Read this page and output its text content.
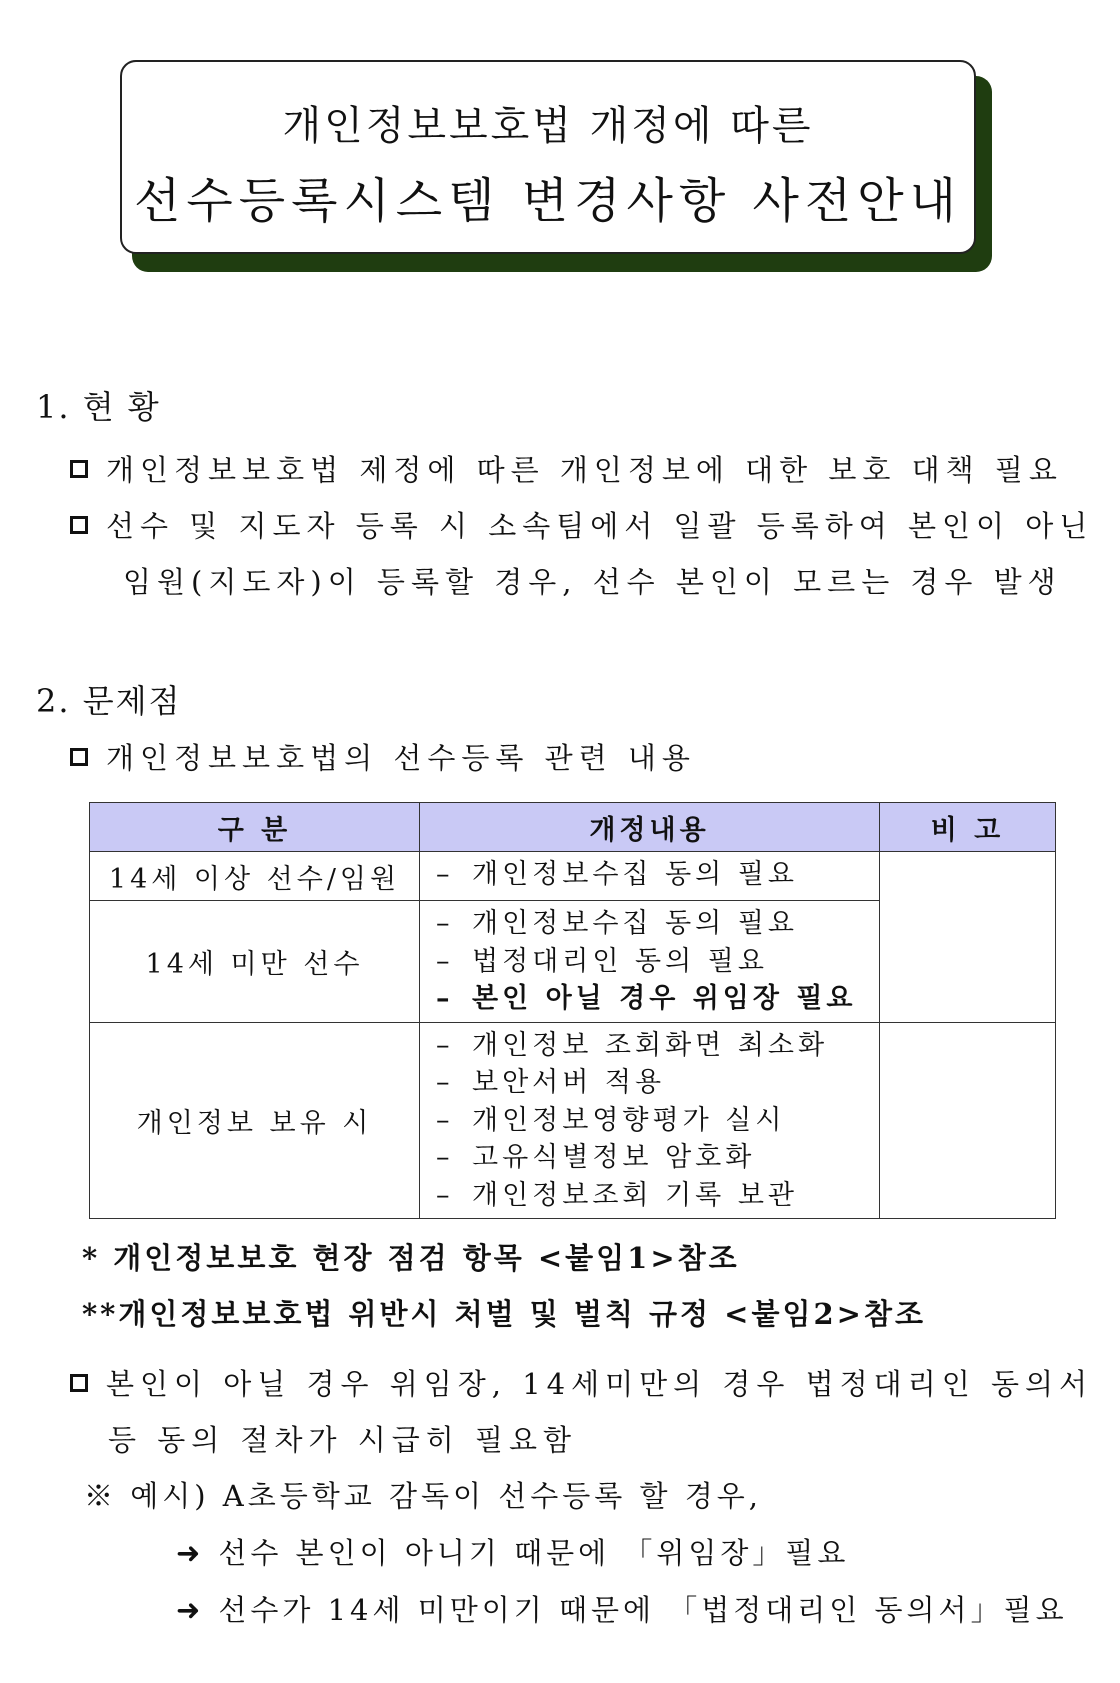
개인정보보호법 개정에 따른
선수등록시스템 변경사항 사전안내
1. 현 황
개인정보보호법 제정에 따른 개인정보에 대한 보호 대책 필요
선수 및 지도자 등록 시 소속팀에서 일괄 등록하여 본인이 아닌
임원(지도자)이 등록할 경우, 선수 본인이 모르는 경우 발생
2. 문제점
개인정보보호법의 선수등록 관련 내용
구 분	개정내용	비 고
14세 이상 선수/임원	– 개인정보수집 동의 필요	

14세 미만 선수	– 개인정보수집 동의 필요
– 법정대리인 동의 필요
– 본인 아닐 경우 위임장 필요	

개인정보 보유 시	– 개인정보 조회화면 최소화
– 보안서버 적용
– 개인정보영향평가 실시
– 고유식별정보 암호화
– 개인정보조회 기록 보관	

* 개인정보보호 현장 점검 항목 <붙임1>참조
**개인정보보호법 위반시 처벌 및 벌칙 규정 <붙임2>참조
본인이 아닐 경우 위임장, 14세미만의 경우 법정대리인 동의서
등 동의 절차가 시급히 필요함
※ 예시) A초등학교 감독이 선수등록 할 경우,
➜ 선수 본인이 아니기 때문에 「위임장」필요
➜ 선수가 14세 미만이기 때문에 「법정대리인 동의서」필요
